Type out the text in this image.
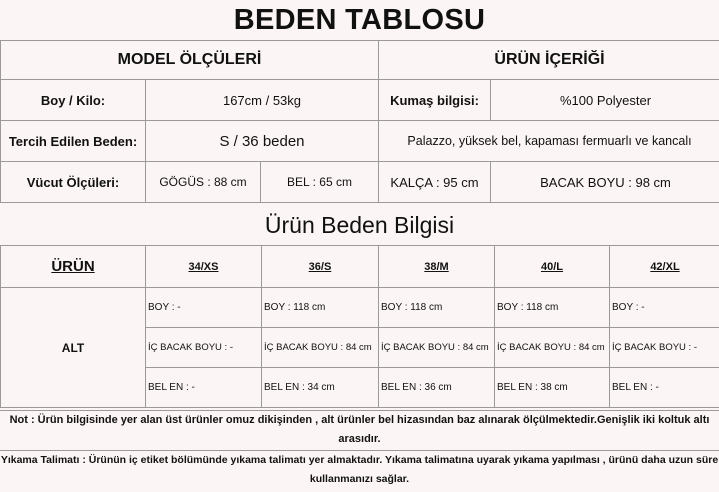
BEDEN TABLOSU
MODEL ÖLÇÜLERİ			ÜRÜN İÇERİĞİ	
Boy / Kilo:	167cm / 53kg		Kumaş bilgisi:	%100 Polyester
Tercih Edilen Beden:	S / 36 beden		Palazzo, yüksek bel, kapaması fermuarlı ve kancalı	
Vücut Ölçüleri:	GÖGÜS : 88 cm	BEL : 65 cm	KALÇA : 95 cm	BACAK BOYU : 98 cm
Ürün Beden Bilgisi
ÜRÜN	34/XS	36/S	38/M	40/L	42/XL
ALT	BOY : -	BOY : 118 cm	BOY : 118 cm	BOY : 118 cm	BOY : -
	İÇ BACAK BOYU : -	İÇ BACAK BOYU : 84 cm	İÇ BACAK BOYU : 84 cm	İÇ BACAK BOYU : 84 cm	İÇ BACAK BOYU : -
	BEL EN : -	BEL EN : 34 cm	BEL EN : 36 cm	BEL EN : 38 cm	BEL EN : -
Not : Ürün bilgisinde yer alan üst ürünler omuz dikişinden , alt ürünler bel hizasından baz alınarak ölçülmektedir.Genişlik iki koltuk altı arasıdır.
Yıkama Talimatı : Ürünün iç etiket bölümünde yıkama talimatı yer almaktadır. Yıkama talimatına uyarak yıkama yapılması , ürünü daha uzun süre kullanmanızı sağlar.
